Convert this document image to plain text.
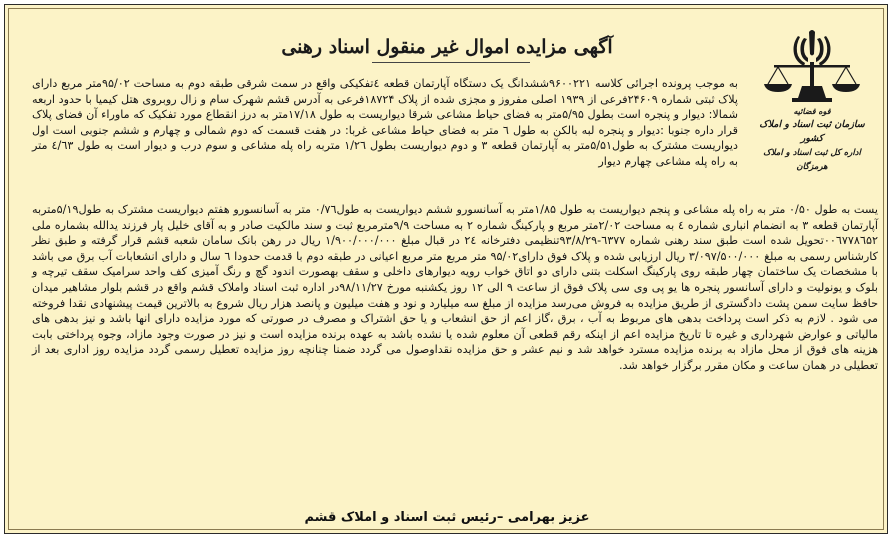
آگهی مزایده اموال غیر منقول اسناد رهنی
قوه قضائیه
سازمان ثبت اسناد و املاک کشور
اداره کل ثبت اسناد و املاک هرمزگان
به موجب پرونده اجرائی کلاسه ۹۶۰۰۲۲۱ششدانگ یک دستگاه آپارتمان قطعه ٤تفکیکی واقع در سمت شرقی طبقه دوم به مساحت ۹۵/۰۲متر مربع دارای پلاک ثبتی شماره ۲۴۶۰۹فرعی از ۱۹۳۹ اصلی مفروز و مجزی شده از پلاک ۱۸۷۲۴فرعی به آدرس قشم شهرک سام و زال روبروی هتل کیمیا با حدود اربعه شمالا: دیوار و پنجره است بطول ۵/۹۵متر به فضای حیاط مشاعی شرقا دیواریست به طول ۱۷/۱۸متر به درز انقطاع مورد تفکیک که ماوراء آن فضای پلاک قرار داره جنوبا :دیوار و پنجره لبه بالکن به طول ٦ متر به فضای حیاط مشاعی غربا: در هفت قسمت که دوم شمالی و چهارم و ششم جنوبی است اول دیواریست مشترک به طول۵/۵۱متر به آپارتمان قطعه ۳ و دوم دیواریست بطول ۱/۲٦ متربه راه پله مشاعی و سوم درب و دیوار است به طول ٤/٦۳ متر به راه پله مشاعی چهارم دیوار
یست به طول ۰/۵۰ متر به راه پله مشاعی و پنجم دیواریست به طول ۱/۸۵متر به آسانسورو ششم دیواریست به طول۰/۷٦ متر به آسانسورو هفتم دیواریست مشترک به طول۵/۱۹متربه آپارتمان قطعه ۳ به انضمام انباری شماره ٤ به مساحت ۲/۰۲متر مربع و پارکینگ شماره ۲ به مساحت ۹/۹مترمربع ثبت و سند مالکیت صادر و به آقای خلیل پار فرزند یدالله بشماره ملی ۰۰٦۷۷۸٦۵۲تحویل شده است طبق سند رهنی شماره ٦۳۷۷-۹۳/۸/۲۹تنظیمی دفترخانه ۲٤ در قبال مبلغ ۱/۹۰۰/۰۰۰/۰۰۰ ریال در رهن بانک سامان شعبه قشم قرار گرفته و طبق نظر کارشناس رسمی به مبلغ ۳/۰۹۷/۵۰۰/۰۰۰ ریال ارزیابی شده و پلاک فوق دارای۹۵/۰۲ متر مربع متر مربع اعیانی در طبقه دوم با قدمت حدودا ٦ سال و دارای انشعابات آب برق می باشد با مشخصات یک ساختمان چهار طبقه روی پارکینگ اسکلت بتنی دارای دو اتاق خواب رویه دیوارهای داخلی و سقف بهصورت اندود گچ و رنگ آمیزی کف واحد سرامیک سقف تیرچه و بلوک و یونولیت و دارای آسانسور پنجره ها یو پی وی سی پلاک فوق از ساعت ۹ الی ۱۲ روز یکشنبه مورخ ۹۸/۱۱/۲۷در اداره ثبت اسناد واملاک قشم واقع در قشم بلوار مشاهیر میدان حافظ سایت سمن پشت دادگستری از طریق مزایده به فروش می‌رسد مزایده از مبلغ سه میلیارد و نود و هفت میلیون و پانصد هزار ریال شروع به بالاترین قیمت پیشنهادی نقدا فروخته می شود . لازم به ذکر است پرداخت بدهی های مربوط به آب ، برق ،گاز اعم از حق انشعاب و یا حق اشتراک و مصرف در صورتی که مورد مزایده دارای انها باشد و نیز بدهی های مالیاتی و عوارض شهرداری و غیره تا تاریخ مزایده اعم از اینکه رقم قطعی آن معلوم شده یا نشده باشد به عهده برنده مزایده است و نیز در صورت وجود مازاد، وجوه پرداختی بابت هزینه های فوق از محل مازاد به برنده مزایده مسترد خواهد شد و نیم عشر و حق مزایده نقداوصول می گردد ضمنا چنانچه روز مزایده تعطیل رسمی گردد مزایده روز اداری بعد از تعطیلی در همان ساعت و مکان مقرر برگزار خواهد شد.
عزیز بهرامی –رئیس ثبت اسناد و املاک قشم
